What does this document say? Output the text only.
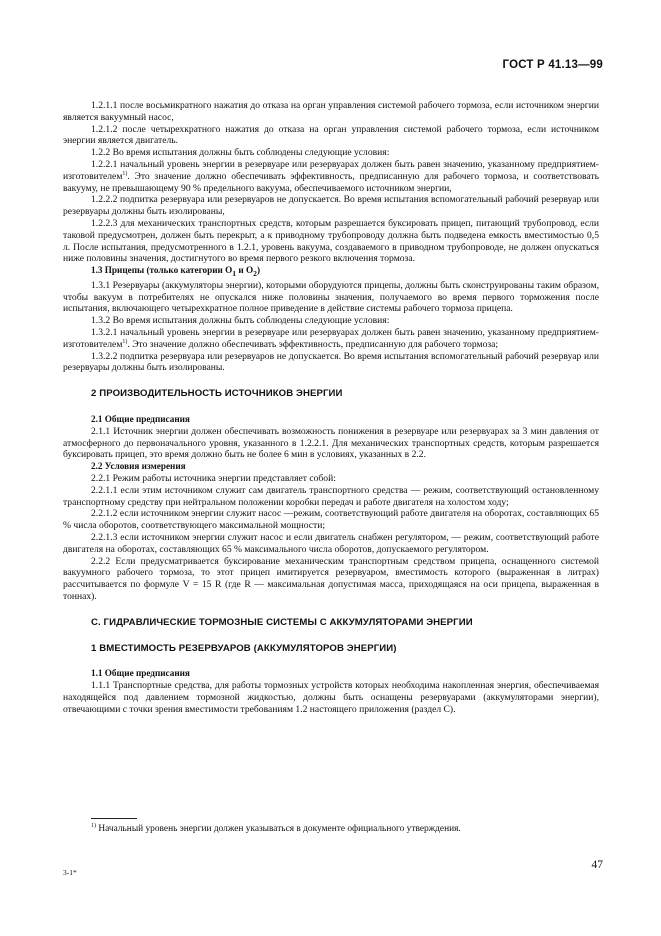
ГОСТ Р 41.13—99

1.2.1.1 после восьмикратного нажатия до отказа на орган управления системой рабочего тормоза, если источником энергии является вакуумный насос,

1.2.1.2 после четырехкратного нажатия до отказа на орган управления системой рабочего тормоза, если источником энергии является двигатель.

1.2.2 Во время испытания должны быть соблюдены следующие условия:

1.2.2.1 начальный уровень энергии в резервуаре или резервуарах должен быть равен значению, указанному предприятием-изготовителем$^{1)}$. Это значение должно обеспечивать эффективность, предписанную для рабочего тормоза, и соответствовать вакууму, не превышающему 90 % предельного вакуума, обеспечиваемого источником энергии,

1.2.2.2 подпитка резервуара или резервуаров не допускается. Во время испытания вспомогательный рабочий резервуар или резервуары должны быть изолированы,

1.2.2.3 для механических транспортных средств, которым разрешается буксировать прицеп, питающий трубопровод, если таковой предусмотрен, должен быть перекрыт, а к приводному трубопроводу должна быть подведена емкость вместимостью 0,5 л. После испытания, предусмотренного в 1.2.1, уровень вакуума, создаваемого в приводном трубопроводе, не должен опускаться ниже половины значения, достигнутого во время первого резкого включения тормоза.

1.3 Прицепы (только категории $O_1$ и $O_2$)

1.3.1 Резервуары (аккумуляторы энергии), которыми оборудуются прицепы, должны быть сконструированы таким образом, чтобы вакуум в потребителях не опускался ниже половины значения, получаемого во время первого торможения после испытания, включающего четырехкратное полное приведение в действие системы рабочего тормоза прицепа.

1.3.2 Во время испытания должны быть соблюдены следующие условия:

1.3.2.1 начальный уровень энергии в резервуаре или резервуарах должен быть равен значению, указанному предприятием-изготовителем$^{1)}$. Это значение должно обеспечивать эффективность, предписанную для рабочего тормоза;

1.3.2.2 подпитка резервуара или резервуаров не допускается. Во время испытания вспомогательный рабочий резервуар или резервуары должны быть изолированы.

2 ПРОИЗВОДИТЕЛЬНОСТЬ ИСТОЧНИКОВ ЭНЕРГИИ

2.1 Общие предписания

2.1.1 Источник энергии должен обеспечивать возможность понижения в резервуаре или резервуарах за 3 мин давления от атмосферного до первоначального уровня, указанного в 1.2.2.1. Для механических транспортных средств, которым разрешается буксировать прицеп, это время должно быть не более 6 мин в условиях, указанных в 2.2.

2.2 Условия измерения

2.2.1 Режим работы источника энергии представляет собой:

2.2.1.1 если этим источником служит сам двигатель транспортного средства — режим, соответствующий остановленному транспортному средству при нейтральном положении коробки передач и работе двигателя на холостом ходу;

2.2.1.2 если источником энергии служит насос —режим, соответствующий работе двигателя на оборотах, составляющих 65 % числа оборотов, соответствующего максимальной мощности;

2.2.1.3 если источником энергии служит насос и если двигатель снабжен регулятором, — режим, соответствующий работе двигателя на оборотах, составляющих 65 % максимального числа оборотов, допускаемого регулятором.

2.2.2 Если предусматривается буксирование механическим транспортным средством прицепа, оснащенного системой вакуумного рабочего тормоза, то этот прицеп имитируется резервуаром, вместимость которого (выраженная в литрах) рассчитывается по формуле V = 15 R (где R — максимальная допустимая масса, приходящаяся на оси прицепа, выраженная в тоннах).

С. ГИДРАВЛИЧЕСКИЕ ТОРМОЗНЫЕ СИСТЕМЫ С АККУМУЛЯТОРАМИ ЭНЕРГИИ

1 ВМЕСТИМОСТЬ РЕЗЕРВУАРОВ (АККУМУЛЯТОРОВ ЭНЕРГИИ)

1.1 Общие предписания

1.1.1 Транспортные средства, для работы тормозных устройств которых необходима накопленная энергия, обеспечиваемая находящейся под давлением тормозной жидкостью, должны быть оснащены резервуарами (аккумуляторами энергии), отвечающими с точки зрения вместимости требованиям 1.2 настоящего приложения (раздел С).

$^{1)}$ Начальный уровень энергии должен указываться в документе официального утверждения.
3-1*
47
